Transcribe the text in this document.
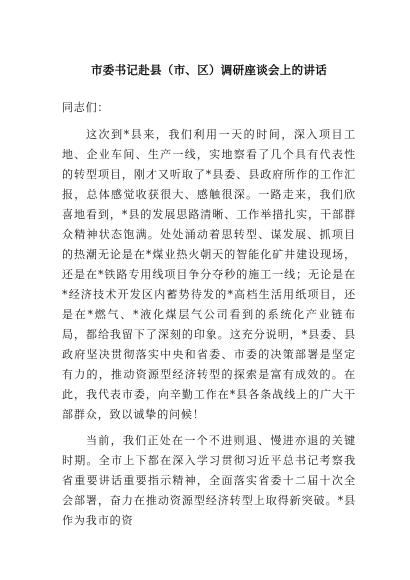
市委书记赴县（市、区）调研座谈会上的讲话

同志们：

这次到*县来，我们利用一天的时间，深入项目工地、企业车间、生产一线，实地察看了几个具有代表性的转型项目，刚才又听取了*县委、县政府所作的工作汇报，总体感觉收获很大、感触很深。一路走来，我们欣喜地看到，*县的发展思路清晰、工作举措扎实，干部群众精神状态饱满。处处涌动着思转型、谋发展、抓项目的热潮无论是在*煤业热火朝天的智能化矿井建设现场，还是在*铁路专用线项目争分夺秒的施工一线；无论是在*经济技术开发区内蓄势待发的*高档生活用纸项目，还是在*燃气、*液化煤层气公司看到的系统化产业链布局，都给我留下了深刻的印象。这充分说明，*县委、县政府坚决贯彻落实中央和省委、市委的决策部署是坚定有力的，推动资源型经济转型的探索是富有成效的。在此，我代表市委，向辛勤工作在*县各条战线上的广大干部群众，致以诚挚的问候！

当前，我们正处在一个不进则退、慢进亦退的关键时期。全市上下都在深入学习贯彻习近平总书记考察我省重要讲话重要指示精神，全面落实省委十二届十次全会部署，奋力在推动资源型经济转型上取得新突破。*县作为我市的资
